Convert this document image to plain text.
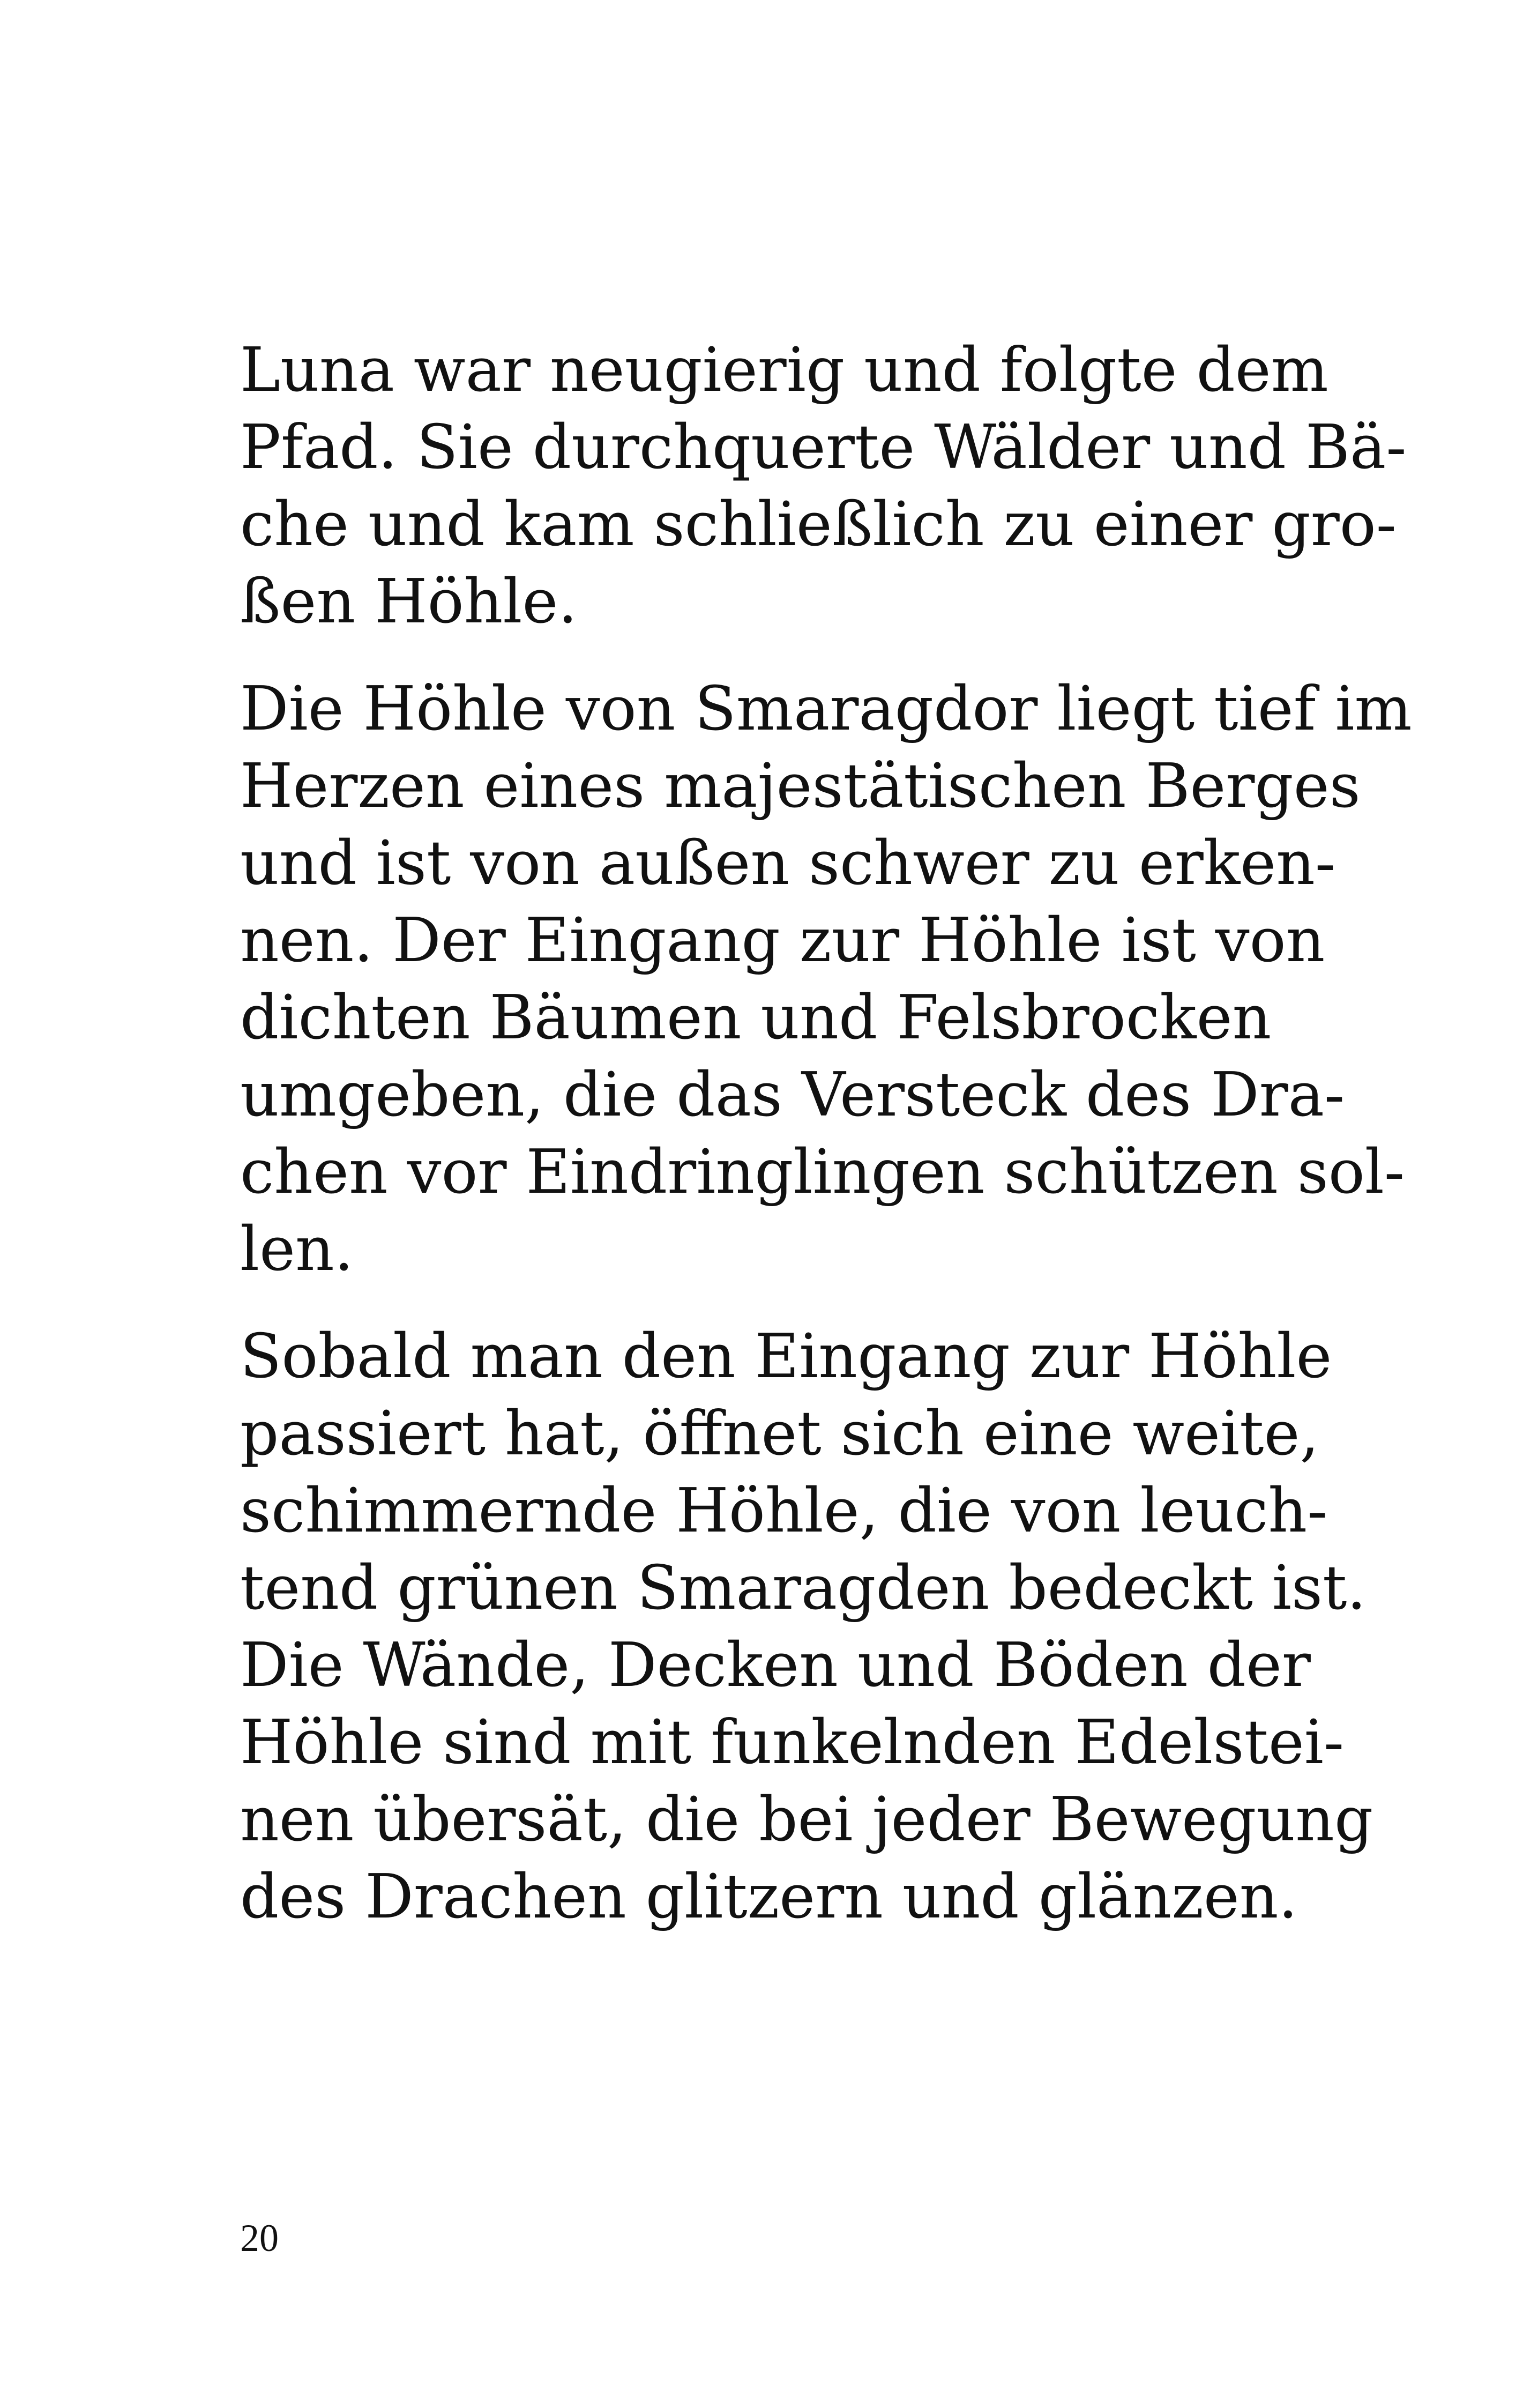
Luna war neugierig und folgte dem
Pfad. Sie durchquerte Wälder und Bä-
che und kam schließlich zu einer gro-
ßen Höhle.

Die Höhle von Smaragdor liegt tief im
Herzen eines majestätischen Berges
und ist von außen schwer zu erken-
nen. Der Eingang zur Höhle ist von
dichten Bäumen und Felsbrocken
umgeben, die das Versteck des Dra-
chen vor Eindringlingen schützen sol-
len.

Sobald man den Eingang zur Höhle
passiert hat, öffnet sich eine weite,
schimmernde Höhle, die von leuch-
tend grünen Smaragden bedeckt ist.
Die Wände, Decken und Böden der
Höhle sind mit funkelnden Edelstei-
nen übersät, die bei jeder Bewegung
des Drachen glitzern und glänzen.

20
